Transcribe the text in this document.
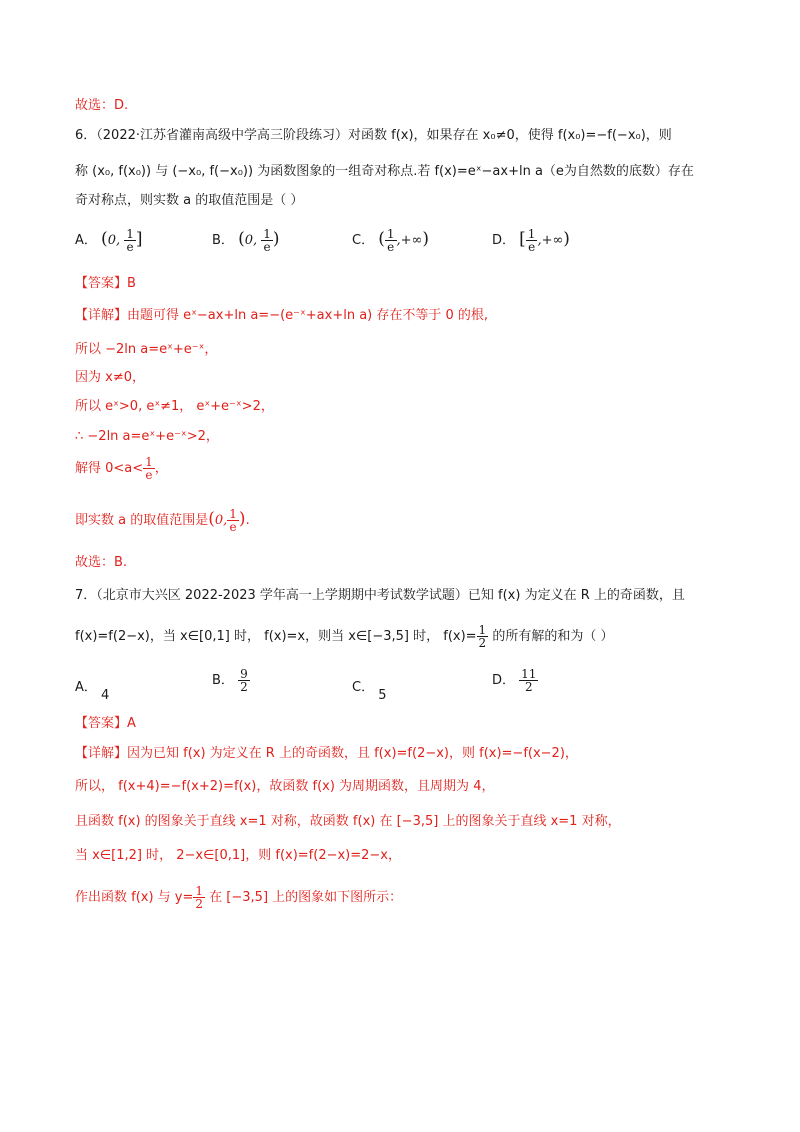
故选：D.
6．（2022·江苏省灌南高级中学高三阶段练习）对函数 f(x)，如果存在 x₀≠0，使得 f(x₀)=−f(−x₀)，则
称 (x₀, f(x₀)) 与 (−x₀, f(−x₀)) 为函数图象的一组奇对称点.若 f(x)=eˣ−ax+ln a（e为自然数的底数）存在
奇对称点，则实数 a 的取值范围是（ ）
A． (0, $\frac{1}{e}$ ]	B． (0, $\frac{1}{e}$ )	C． ( $\frac{1}{e}$ ,+∞)	D． [ $\frac{1}{e}$ ,+∞)
【答案】B
【详解】由题可得 eˣ−ax+ln a=−(e⁻ˣ+ax+ln a) 存在不等于 0 的根,
所以 −2ln a=eˣ+e⁻ˣ，
因为 x≠0，
所以 eˣ>0, eˣ≠1， eˣ+e⁻ˣ>2，
∴ −2ln a=eˣ+e⁻ˣ>2，
解得 $0<a< \frac{1}{e}$ ，
即实数 a 的取值范围是(0, $\frac{1}{e}$ ).
故选：B.
7．（北京市大兴区 2022-2023 学年高一上学期期中考试数学试题）已知 f(x) 为定义在 R 上的奇函数，且
f(x)=f(2−x)，当 x∈[0,1] 时， f(x)=x，则当 x∈[−3,5] 时， $f(x)= \frac{1}{2}$ 的所有解的和为（ ）
A． 4
B． $\frac{9}{2}$	C． 5
D． $\frac{11}{2}$
【答案】A
【详解】因为已知 f(x) 为定义在 R 上的奇函数，且 f(x)=f(2−x)，则 f(x)=−f(x−2)，
所以， f(x+4)=−f(x+2)=f(x)，故函数 f(x) 为周期函数，且周期为 4，
且函数 f(x) 的图象关于直线 x=1 对称，故函数 f(x) 在 [−3,5] 上的图象关于直线 x=1 对称，
当 x∈[1,2] 时， 2−x∈[0,1]，则 f(x)=f(2−x)=2−x，
作出函数 f(x) 与 $y= \frac{1}{2}$ 在 [−3,5] 上的图象如下图所示：
